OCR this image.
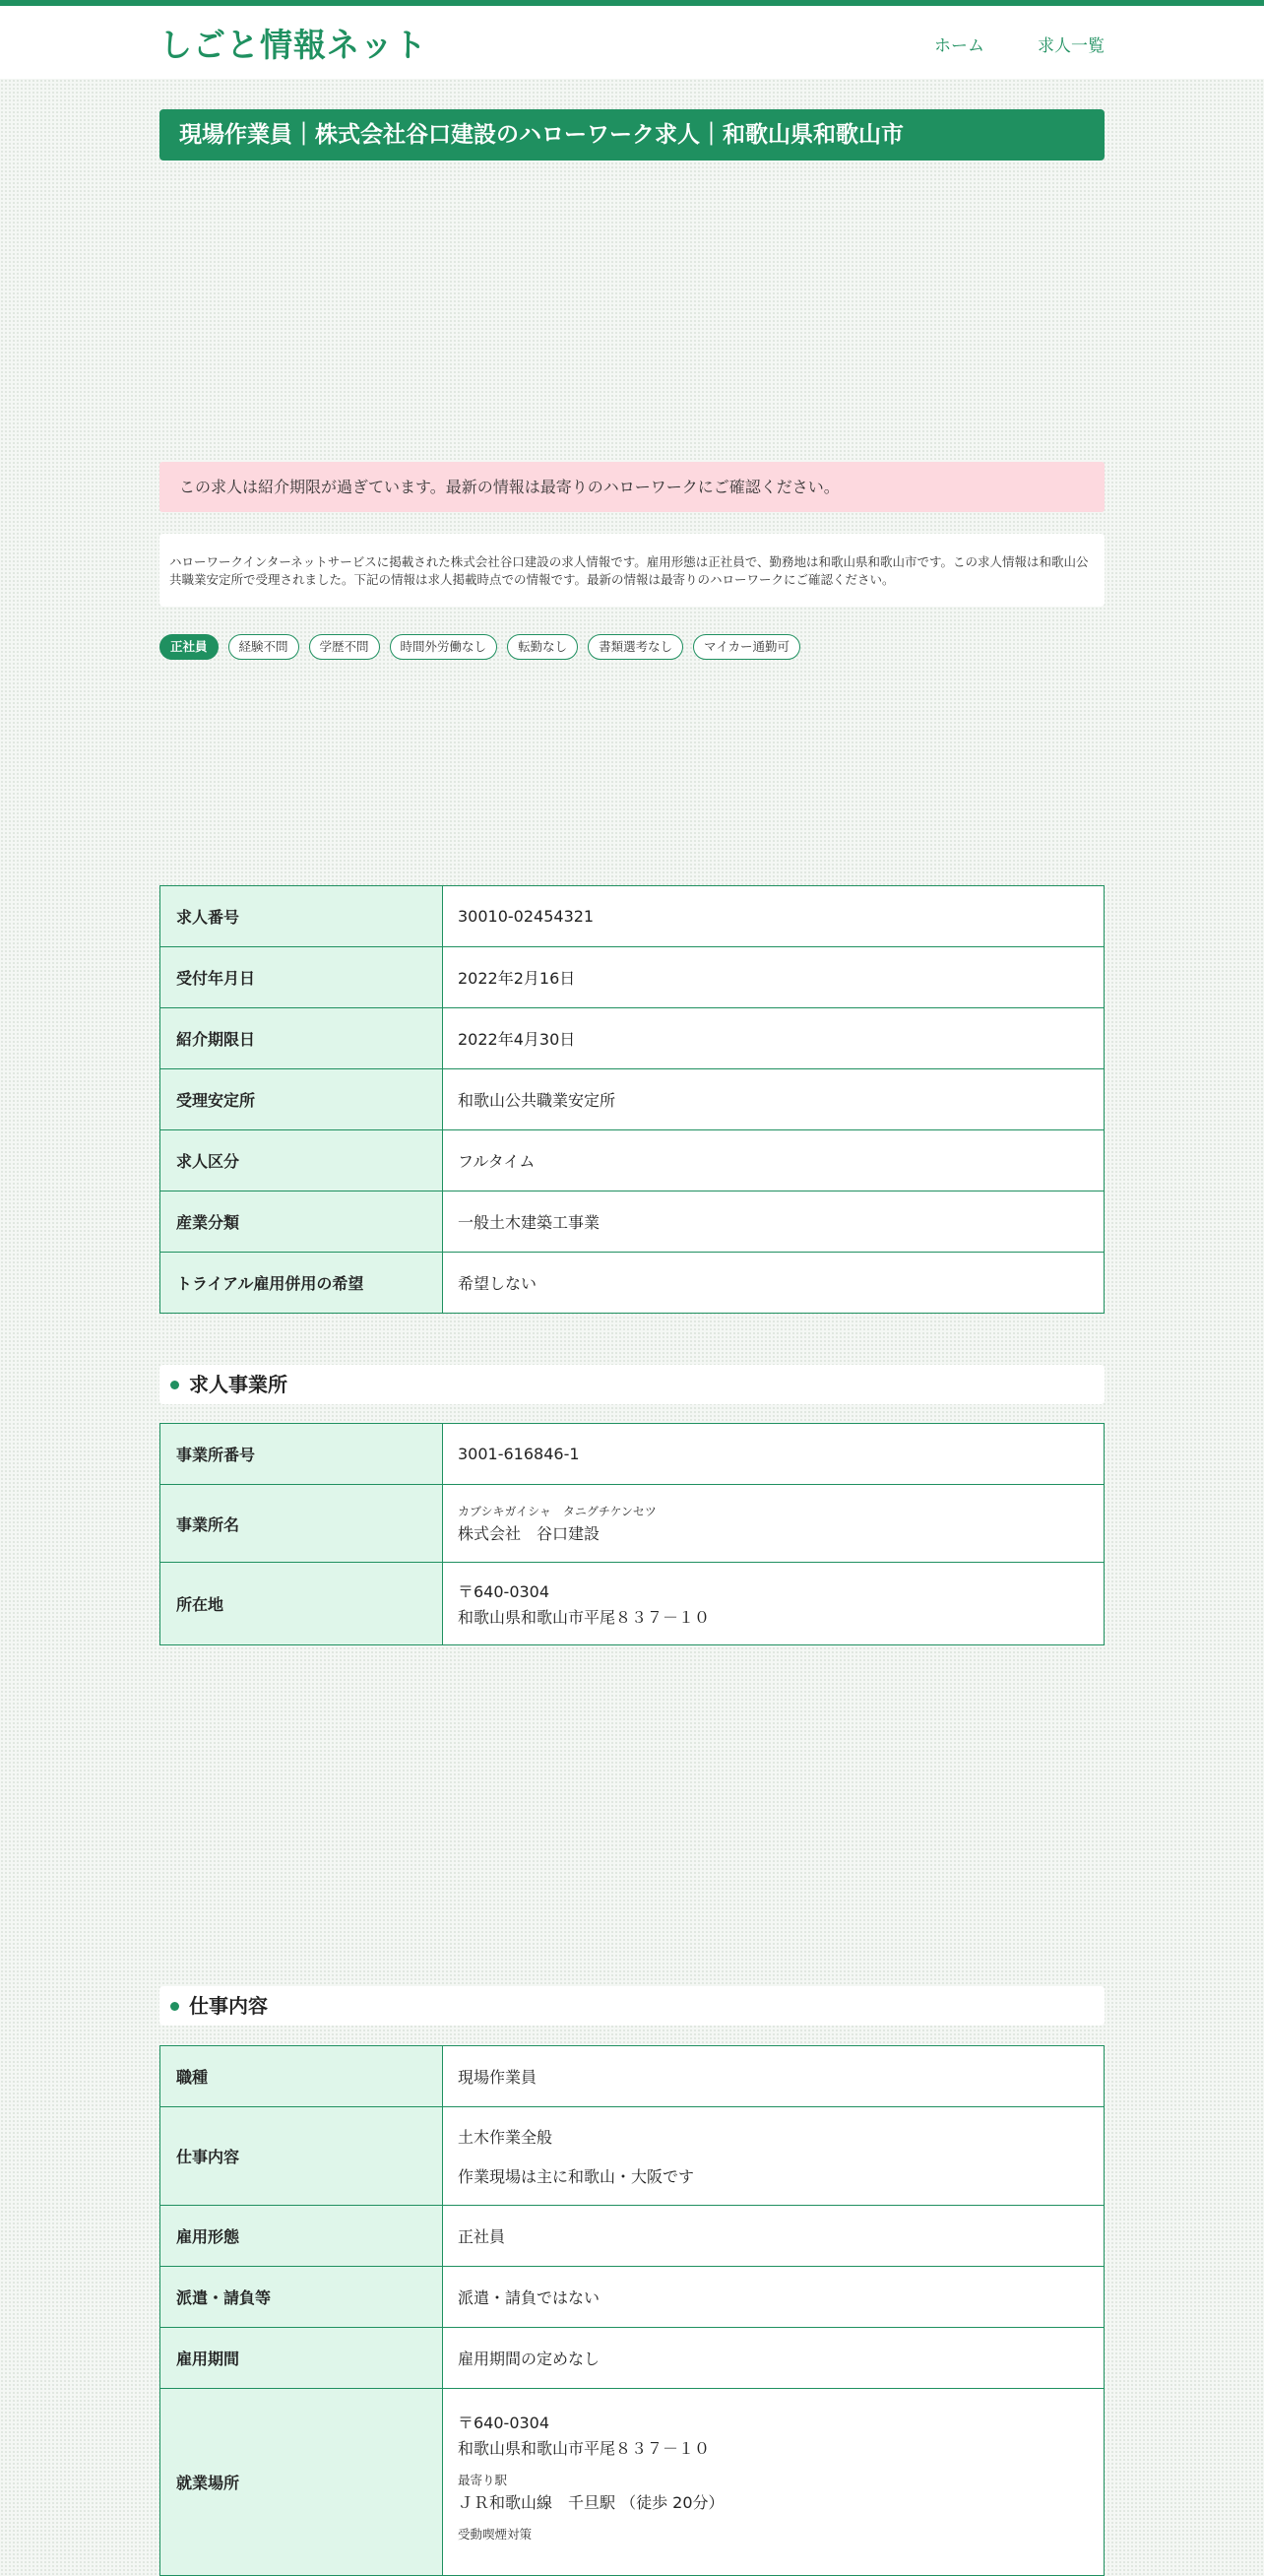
しごと情報ネット	ホーム	求人一覧
現場作業員｜株式会社谷口建設のハローワーク求人｜和歌山県和歌山市
この求人は紹介期限が過ぎています。最新の情報は最寄りのハローワークにご確認ください。

ハローワークインターネットサービスに掲載された株式会社谷口建設の求人情報です。雇用形態は正社員で、勤務地は和歌山県和歌山市です。この求人情報は和歌山公共職業安定所で受理されました。下記の情報は求人掲載時点での情報です。最新の情報は最寄りのハローワークにご確認ください。

正社員	経験不問	学歴不問	時間外労働なし	転勤なし	書類選考なし	マイカー通勤可
求人番号	30010-02454321
受付年月日	2022年2月16日
紹介期限日	2022年4月30日
受理安定所	和歌山公共職業安定所
求人区分	フルタイム
産業分類	一般土木建築工事業
トライアル雇用併用の希望	希望しない
求人事業所
事業所番号	3001-616846-1
事業所名	カブシキガイシャ　タニグチケンセツ
株式会社　谷口建設
所在地	〒640-0304
和歌山県和歌山市平尾８３７－１０
仕事内容
職種	現場作業員
仕事内容	土木作業全般
作業現場は主に和歌山・大阪です

雇用形態	正社員
派遣・請負等	派遣・請負ではない
雇用期間	雇用期間の定めなし
就業場所	〒640-0304
和歌山県和歌山市平尾８３７－１０
最寄り駅
ＪＲ和歌山線　千旦駅 （徒歩 20分）
受動喫煙対策
